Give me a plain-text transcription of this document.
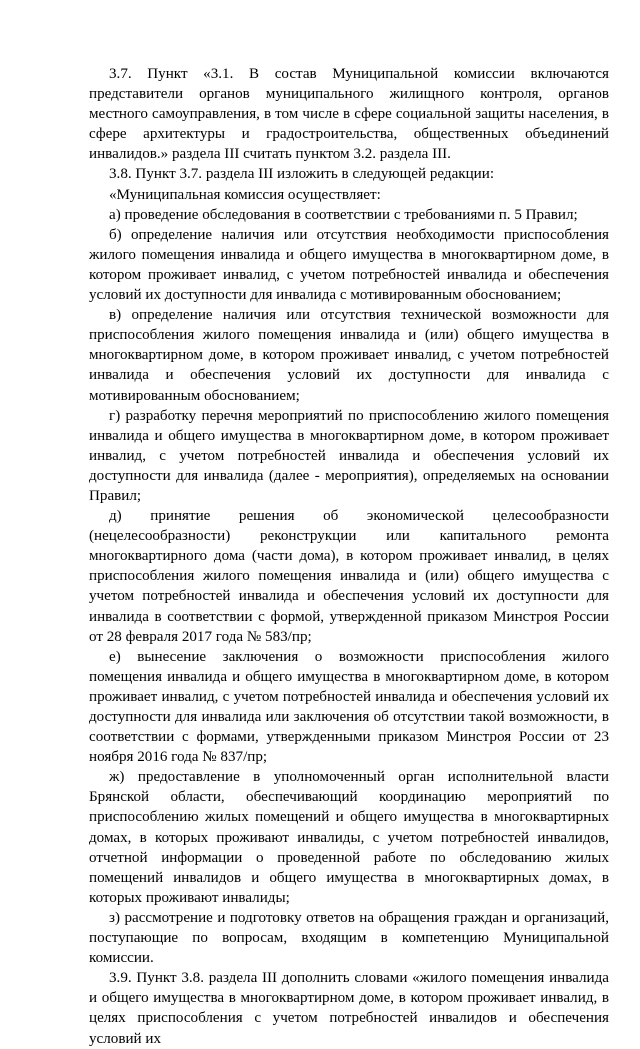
3.7. Пункт «3.1. В состав Муниципальной комиссии включаются представители органов муниципального жилищного контроля, органов местного самоуправления, в том числе в сфере социальной защиты населения, в сфере архитектуры и градостроительства, общественных объединений инвалидов.» раздела III считать пунктом 3.2. раздела III.

3.8. Пункт 3.7. раздела III изложить в следующей редакции:

«Муниципальная комиссия осуществляет:

а) проведение обследования в соответствии с требованиями п. 5 Правил;

б) определение наличия или отсутствия необходимости приспособления жилого помещения инвалида и общего имущества в многоквартирном доме, в котором проживает инвалид, с учетом потребностей инвалида и обеспечения условий их доступности для инвалида с мотивированным обоснованием;

в) определение наличия или отсутствия технической возможности для приспособления жилого помещения инвалида и (или) общего имущества в многоквартирном доме, в котором проживает инвалид, с учетом потребностей инвалида и обеспечения условий их доступности для инвалида с мотивированным обоснованием;

г) разработку перечня мероприятий по приспособлению жилого помещения инвалида и общего имущества в многоквартирном доме, в котором проживает инвалид, с учетом потребностей инвалида и обеспечения условий их доступности для инвалида (далее - мероприятия), определяемых на основании Правил;

д) принятие решения об экономической целесообразности (нецелесообразности) реконструкции или капитального ремонта многоквартирного дома (части дома), в котором проживает инвалид, в целях приспособления жилого помещения инвалида и (или) общего имущества с учетом потребностей инвалида и обеспечения условий их доступности для инвалида в соответствии с формой, утвержденной приказом Минстроя России от 28 февраля 2017 года № 583/пр;

е) вынесение заключения о возможности приспособления жилого помещения инвалида и общего имущества в многоквартирном доме, в котором проживает инвалид, с учетом потребностей инвалида и обеспечения условий их доступности для инвалида или заключения об отсутствии такой возможности, в соответствии с формами, утвержденными приказом Минстроя России от 23 ноября 2016 года № 837/пр;

ж) предоставление в уполномоченный орган исполнительной власти Брянской области, обеспечивающий координацию мероприятий по приспособлению жилых помещений и общего имущества в многоквартирных домах, в которых проживают инвалиды, с учетом потребностей инвалидов, отчетной информации о проведенной работе по обследованию жилых помещений инвалидов и общего имущества в многоквартирных домах, в которых проживают инвалиды;

з) рассмотрение и подготовку ответов на обращения граждан и организаций, поступающие по вопросам, входящим в компетенцию Муниципальной комиссии.

3.9. Пункт 3.8. раздела III дополнить словами «жилого помещения инвалида и общего имущества в многоквартирном доме, в котором проживает инвалид, в целях приспособления с учетом потребностей инвалидов и обеспечения условий их
